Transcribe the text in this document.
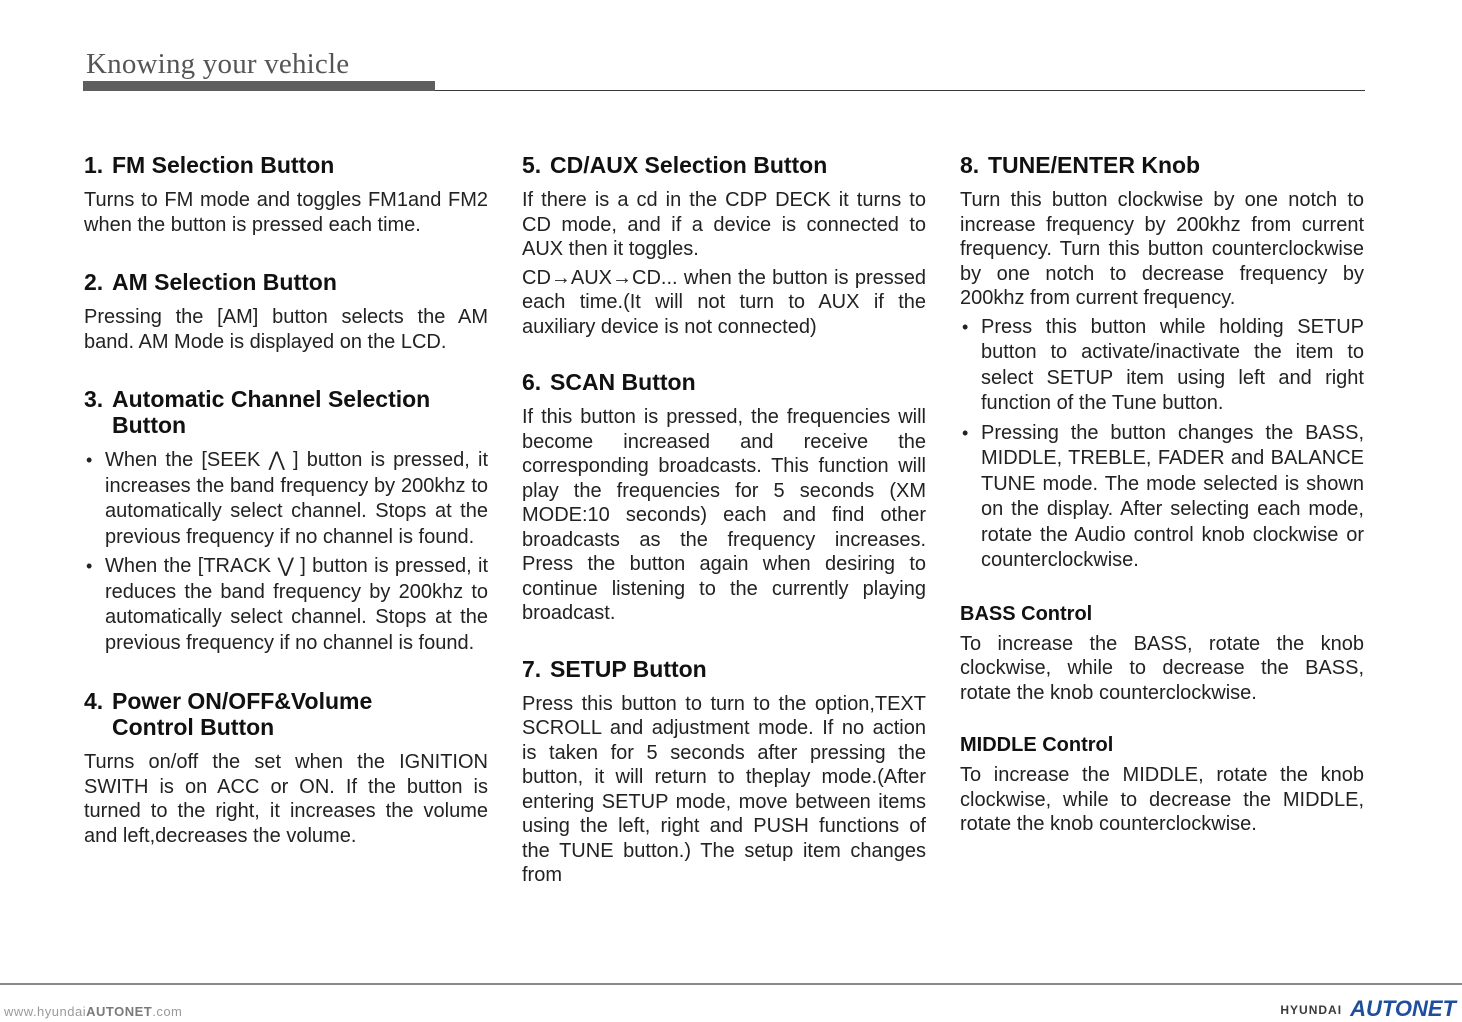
Knowing your vehicle
1. FM Selection Button

Turns to FM mode and toggles FM1and FM2 when the button is pressed each time.

2. AM Selection Button

Pressing the [AM] button selects the AM band. AM Mode is displayed on the LCD.

3. Automatic Channel Selection
Button
• When the [SEEK ⋀ ] button is pressed, it increases the band frequency by 200khz to automatically select channel. Stops at the previous frequency if no channel is found.
• When the [TRACK ⋁ ] button is pressed, it reduces the band frequency by 200khz to automatically select channel. Stops at the previous frequency if no channel is found.
4. Power ON/OFF&Volume
Control Button

Turns on/off the set when the IGNITION SWITH is on ACC or ON. If the button is turned to the right, it increases the volume and left,decreases the volume.

5. CD/AUX Selection Button

If there is a cd in the CDP DECK it turns to CD mode, and if a device is connected to AUX then it toggles.

CD→AUX→CD... when the button is pressed each time.(It will not turn to AUX if the auxiliary device is not connected)

6. SCAN Button

If this button is pressed, the frequencies will become increased and receive the corresponding broadcasts. This function will play the frequencies for 5 seconds (XM MODE:10 seconds) each and find other broadcasts as the frequency increases. Press the button again when desiring to continue listening to the currently playing broadcast.

7. SETUP Button

Press this button to turn to the option,TEXT SCROLL and adjustment mode. If no action is taken for 5 seconds after pressing the button, it will return to theplay mode.(After entering SETUP mode, move between items using the left, right and PUSH functions of the TUNE button.) The setup item changes from

8. TUNE/ENTER Knob

Turn this button clockwise by one notch to increase frequency by 200khz from current frequency. Turn this button counterclockwise by one notch to decrease frequency by 200khz from current frequency.

• Press this button while holding SETUP button to activate/inactivate the item to select SETUP item using left and right function of the Tune button.
• Pressing the button changes the BASS, MIDDLE, TREBLE, FADER and BALANCE TUNE mode. The mode selected is shown on the display. After selecting each mode, rotate the Audio control knob clockwise or counterclockwise.
BASS Control

To increase the BASS, rotate the knob clockwise, while to decrease the BASS, rotate the knob counterclockwise.

MIDDLE Control

To increase the MIDDLE, rotate the knob clockwise, while to decrease the MIDDLE, rotate the knob counterclockwise.

www.hyundaiAUTONET.com	HYUNDAI AUTONET
